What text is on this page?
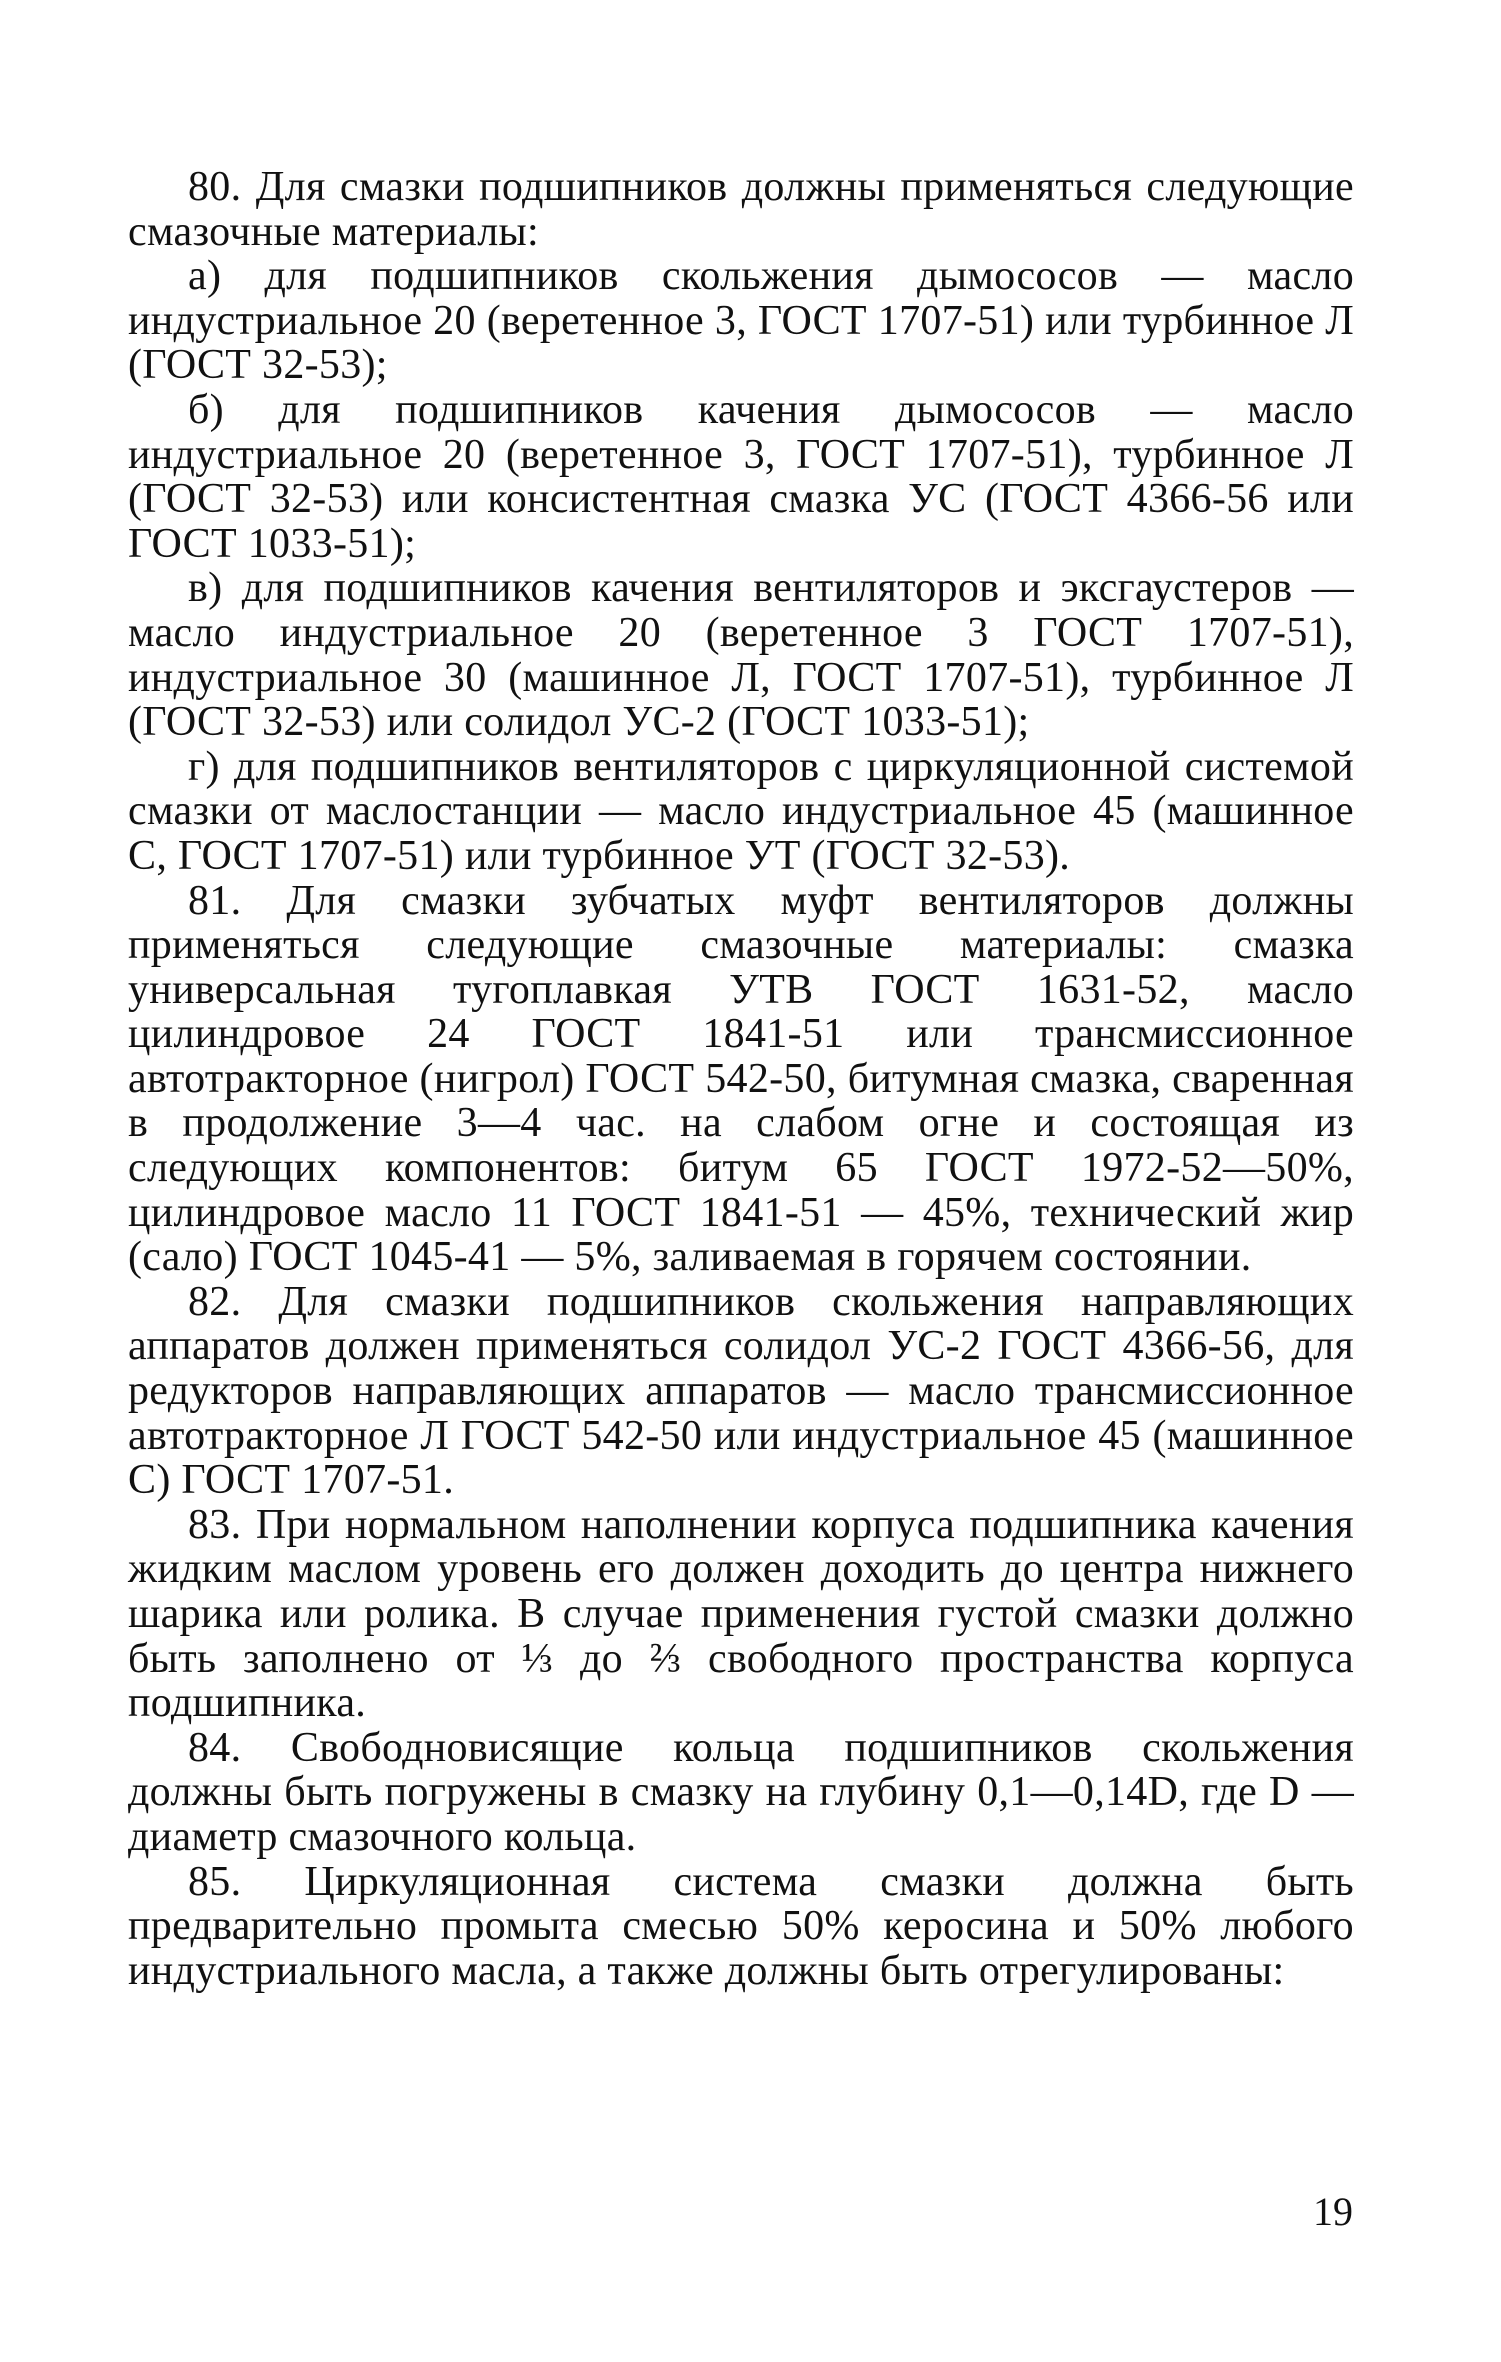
80. Для смазки подшипников должны применяться следующие смазочные материалы:

а) для подшипников скольжения дымососов — масло индустриальное 20 (веретенное 3, ГОСТ 1707-51) или турбинное Л (ГОСТ 32-53);

б) для подшипников качения дымососов — масло индустриальное 20 (веретенное 3, ГОСТ 1707-51), турбинное Л (ГОСТ 32-53) или консистентная смазка УС (ГОСТ 4366-56 или ГОСТ 1033-51);

в) для подшипников качения вентиляторов и эксгаустеров — масло индустриальное 20 (веретенное 3 ГОСТ 1707-51), индустриальное 30 (машинное Л, ГОСТ 1707-51), турбинное Л (ГОСТ 32-53) или солидол УС-2 (ГОСТ 1033-51);

г) для подшипников вентиляторов с циркуляционной системой смазки от маслостанции — масло индустриальное 45 (машинное С, ГОСТ 1707-51) или турбинное УТ (ГОСТ 32-53).

81. Для смазки зубчатых муфт вентиляторов должны применяться следующие смазочные материалы: смазка универсальная тугоплавкая УТВ ГОСТ 1631-52, масло цилиндровое 24 ГОСТ 1841-51 или трансмиссионное автотракторное (нигрол) ГОСТ 542-50, битумная смазка, сваренная в продолжение 3—4 час. на слабом огне и состоящая из следующих компонентов: битум 65 ГОСТ 1972-52—50%, цилиндровое масло 11 ГОСТ 1841-51 — 45%, технический жир (сало) ГОСТ 1045-41 — 5%, заливаемая в горячем состоянии.

82. Для смазки подшипников скольжения направляющих аппаратов должен применяться солидол УС-2 ГОСТ 4366-56, для редукторов направляющих аппаратов — масло трансмиссионное автотракторное Л ГОСТ 542-50 или индустриальное 45 (машинное С) ГОСТ 1707-51.

83. При нормальном наполнении корпуса подшипника качения жидким маслом уровень его должен доходить до центра нижнего шарика или ролика. В случае применения густой смазки должно быть заполнено от ⅓ до ⅔ свободного пространства корпуса подшипника.

84. Свободновисящие кольца подшипников скольжения должны быть погружены в смазку на глубину 0,1—0,14D, где D — диаметр смазочного кольца.

85. Циркуляционная система смазки должна быть предварительно промыта смесью 50% керосина и 50% любого индустриального масла, а также должны быть отрегулированы:

19
